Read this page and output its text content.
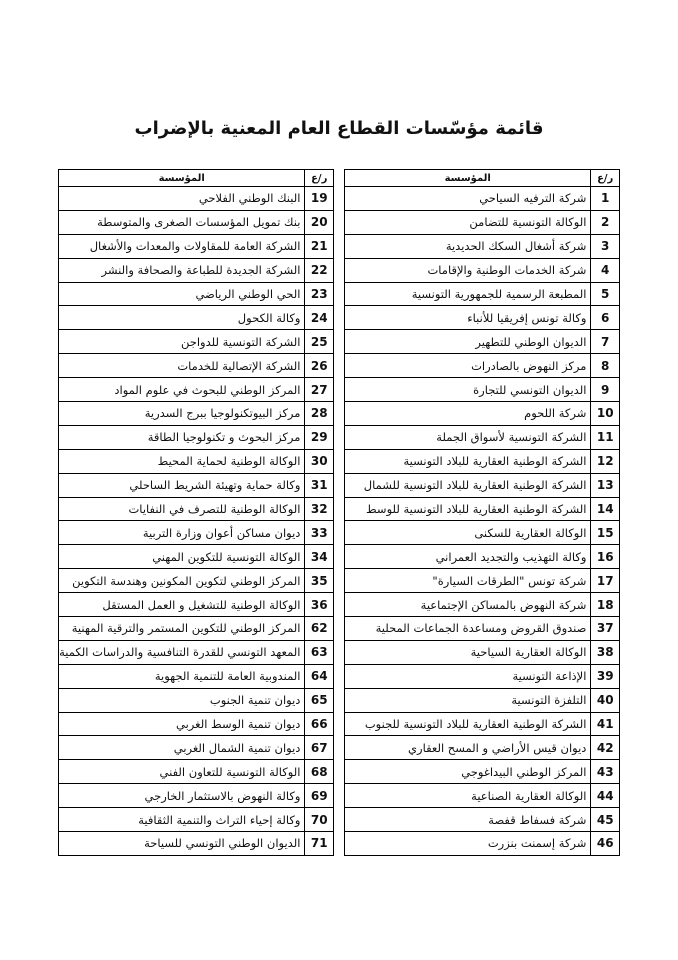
قائمة مؤسّسات القطاع العام المعنية بالإضراب
ر/ع	المؤسسة		ر/ع	المؤسسة
1	شركة الترفيه السياحي		19	البنك الوطني الفلاحي
2	الوكالة التونسية للتضامن		20	بنك تمويل المؤسسات الصغرى والمتوسطة
3	شركة أشغال السكك الحديدية		21	الشركة العامة للمقاولات والمعدات والأشغال
4	شركة الخدمات الوطنية والإقامات		22	الشركة الجديدة للطباعة والصحافة والنشر
5	المطبعة الرسمية للجمهورية التونسية		23	الحي الوطني الرياضي
6	وكالة تونس إفريقيا للأنباء		24	وكالة الكحول
7	الديوان الوطني للتطهير		25	الشركة التونسية للدواجن
8	مركز النهوض بالصادرات		26	الشركة الإتصالية للخدمات
9	الديوان التونسي للتجارة		27	المركز الوطني للبحوث في علوم المواد
10	شركة اللحوم		28	مركز البيوتكنولوجيا ببرج السدرية
11	الشركة التونسية لأسواق الجملة		29	مركز البحوث و تكنولوجيا الطاقة
12	الشركة الوطنية العقارية للبلاد التونسية		30	الوكالة الوطنية لحماية المحيط
13	الشركة الوطنية العقارية للبلاد التونسية للشمال		31	وكالة حماية وتهيئة الشريط الساحلي
14	الشركة الوطنية العقارية للبلاد التونسية للوسط		32	الوكالة الوطنية للتصرف في النفايات
15	الوكالة العقارية للسكنى		33	ديوان مساكن أعوان وزارة التربية
16	وكالة التهذيب والتجديد العمراني		34	الوكالة التونسية للتكوين المهني
17	شركة تونس "الطرقات السيارة"		35	المركز الوطني لتكوين المكونين وهندسة التكوين
18	شركة النهوض بالمساكن الإجتماعية		36	الوكالة الوطنية للتشغيل و العمل المستقل
37	صندوق القروض ومساعدة الجماعات المحلية		62	المركز الوطني للتكوين المستمر والترقية المهنية
38	الوكالة العقارية السياحية		63	المعهد التونسي للقدرة التنافسية والدراسات الكمية
39	الإذاعة التونسية		64	المندوبية العامة للتنمية الجهوية
40	التلفزة التونسية		65	ديوان تنمية الجنوب
41	الشركة الوطنية العقارية للبلاد التونسية للجنوب		66	ديوان تنمية الوسط الغربي
42	ديوان قيس الأراضي و المسح العقاري		67	ديوان تنمية الشمال الغربي
43	المركز الوطني البيداغوجي		68	الوكالة التونسية للتعاون الفني
44	الوكالة العقارية الصناعية		69	وكالة النهوض بالاستثمار الخارجي
45	شركة فسفاط قفصة		70	وكالة إحياء التراث والتنمية الثقافية
46	شركة إسمنت بنزرت		71	الديوان الوطني التونسي للسياحة
